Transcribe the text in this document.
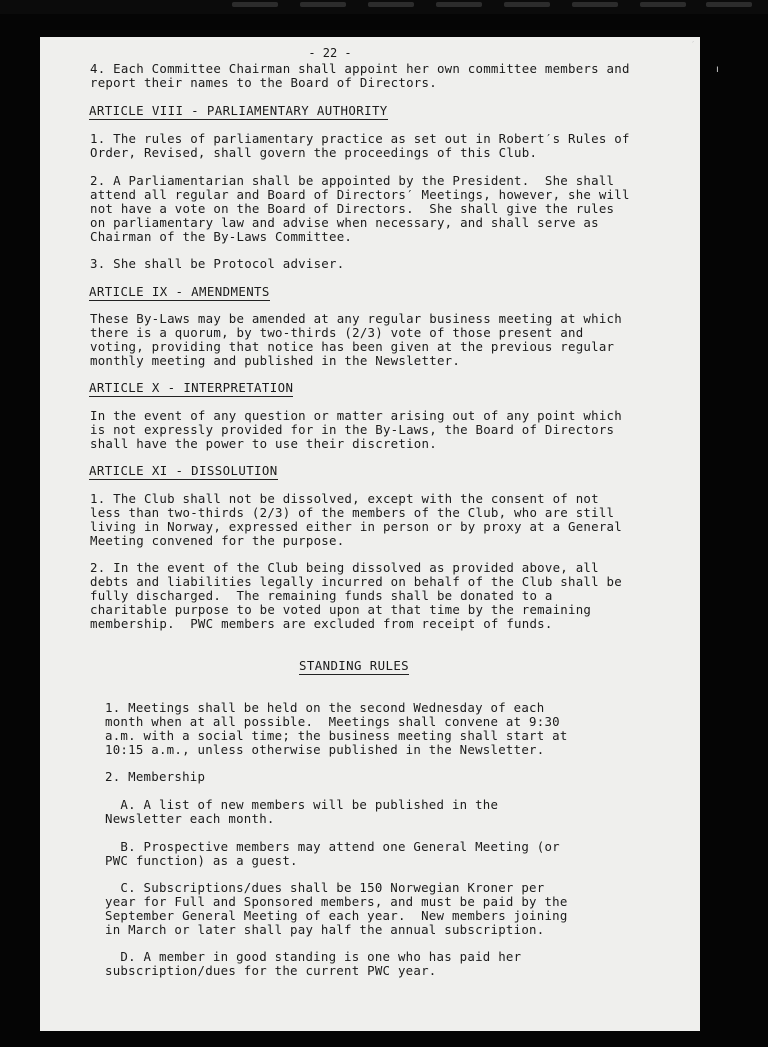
- 22 -
4. Each Committee Chairman shall appoint her own committee members and
report their names to the Board of Directors.
ARTICLE VIII - PARLIAMENTARY AUTHORITY
1. The rules of parliamentary practice as set out in Robert′s Rules of
Order, Revised, shall govern the proceedings of this Club.
2. A Parliamentarian shall be appointed by the President.  She shall
attend all regular and Board of Directors′ Meetings, however, she will
not have a vote on the Board of Directors.  She shall give the rules
on parliamentary law and advise when necessary, and shall serve as
Chairman of the By-Laws Committee.
3. She shall be Protocol adviser.
ARTICLE IX - AMENDMENTS
These By-Laws may be amended at any regular business meeting at which
there is a quorum, by two-thirds (2/3) vote of those present and
voting, providing that notice has been given at the previous regular
monthly meeting and published in the Newsletter.
ARTICLE X - INTERPRETATION
In the event of any question or matter arising out of any point which
is not expressly provided for in the By-Laws, the Board of Directors
shall have the power to use their discretion.
ARTICLE XI - DISSOLUTION
1. The Club shall not be dissolved, except with the consent of not
less than two-thirds (2/3) of the members of the Club, who are still
living in Norway, expressed either in person or by proxy at a General
Meeting convened for the purpose.
2. In the event of the Club being dissolved as provided above, all
debts and liabilities legally incurred on behalf of the Club shall be
fully discharged.  The remaining funds shall be donated to a
charitable purpose to be voted upon at that time by the remaining
membership.  PWC members are excluded from receipt of funds.
STANDING RULES
1. Meetings shall be held on the second Wednesday of each
month when at all possible.  Meetings shall convene at 9:30
a.m. with a social time; the business meeting shall start at
10:15 a.m., unless otherwise published in the Newsletter.
2. Membership
A. A list of new members will be published in the
Newsletter each month.
B. Prospective members may attend one General Meeting (or
PWC function) as a guest.
C. Subscriptions/dues shall be 150 Norwegian Kroner per
year for Full and Sponsored members, and must be paid by the
September General Meeting of each year.  New members joining
in March or later shall pay half the annual subscription.
D. A member in good standing is one who has paid her
subscription/dues for the current PWC year.
′
ı
